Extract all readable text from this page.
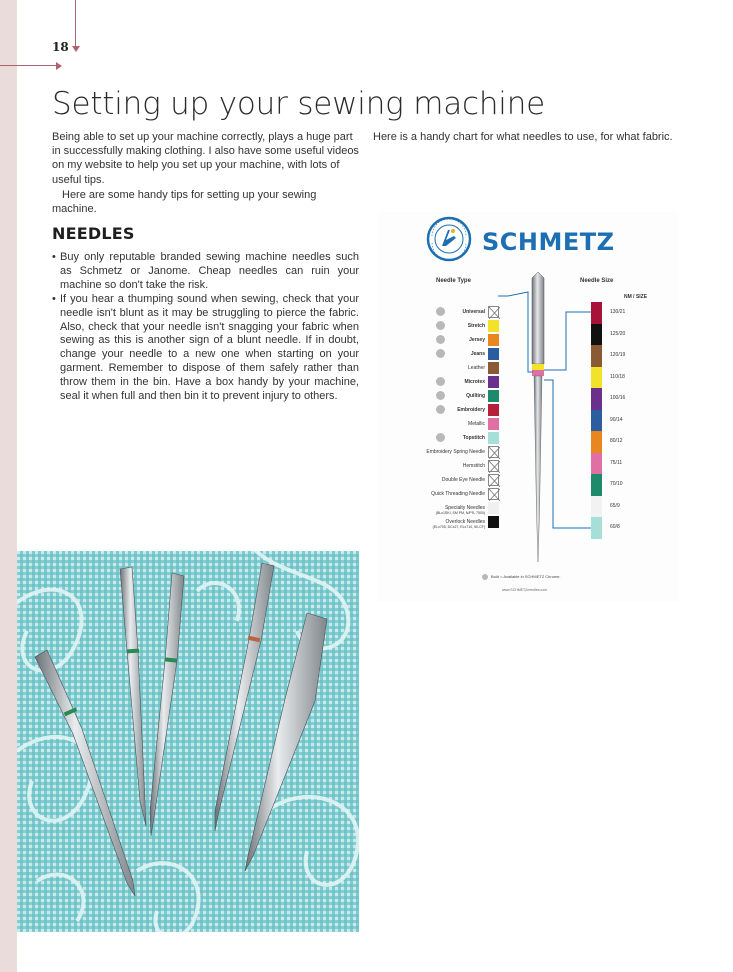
18
Setting up your sewing machine

Being able to set up your machine correctly, plays a huge part in successfully making clothing. I also have some useful videos on my website to help you set up your machine, with lots of useful tips.

Here are some handy tips for setting up your sewing machine.

Here is a handy chart for what needles to use, for what fabric.
NEEDLES
• Buy only reputable branded sewing machine needles such as Schmetz or Janome. Cheap needles can ruin your machine so don't take the risk.
• If you hear a thumping sound when sewing, check that your needle isn't blunt as it may be struggling to pierce the fabric. Also, check that your needle isn't snagging your fabric when sewing as this is another sign of a blunt needle. If in doubt, change your needle to a new one when starting on your garment. Remember to dispose of them safely rather than throw them in the bin. Have a box handy by your machine, seal it when full and then bin it to prevent injury to others.
SCHMETZ
Needle Type	Needle Size
NM / SIZE
Universal
Stretch
Jersey
Jeans
Leather
Microtex
Quilting
Embroidery
Metallic
Topstitch
Embroidery Spring Needle
Hemstitch
Double Eye Needle
Quick Threading Needle
Specialty Needles
(BLx1SKI, SM PM, N/PS, 7500)
Overlock Needles
(ELx705, DCx27, ELx710, 50-CF)
130/21
125/20
120/19
110/18
100/16
90/14
80/12
75/11
70/10
65/9
60/8
Bold = Available in SCHMETZ Chrome.
www.SCHMETZneedles.com
